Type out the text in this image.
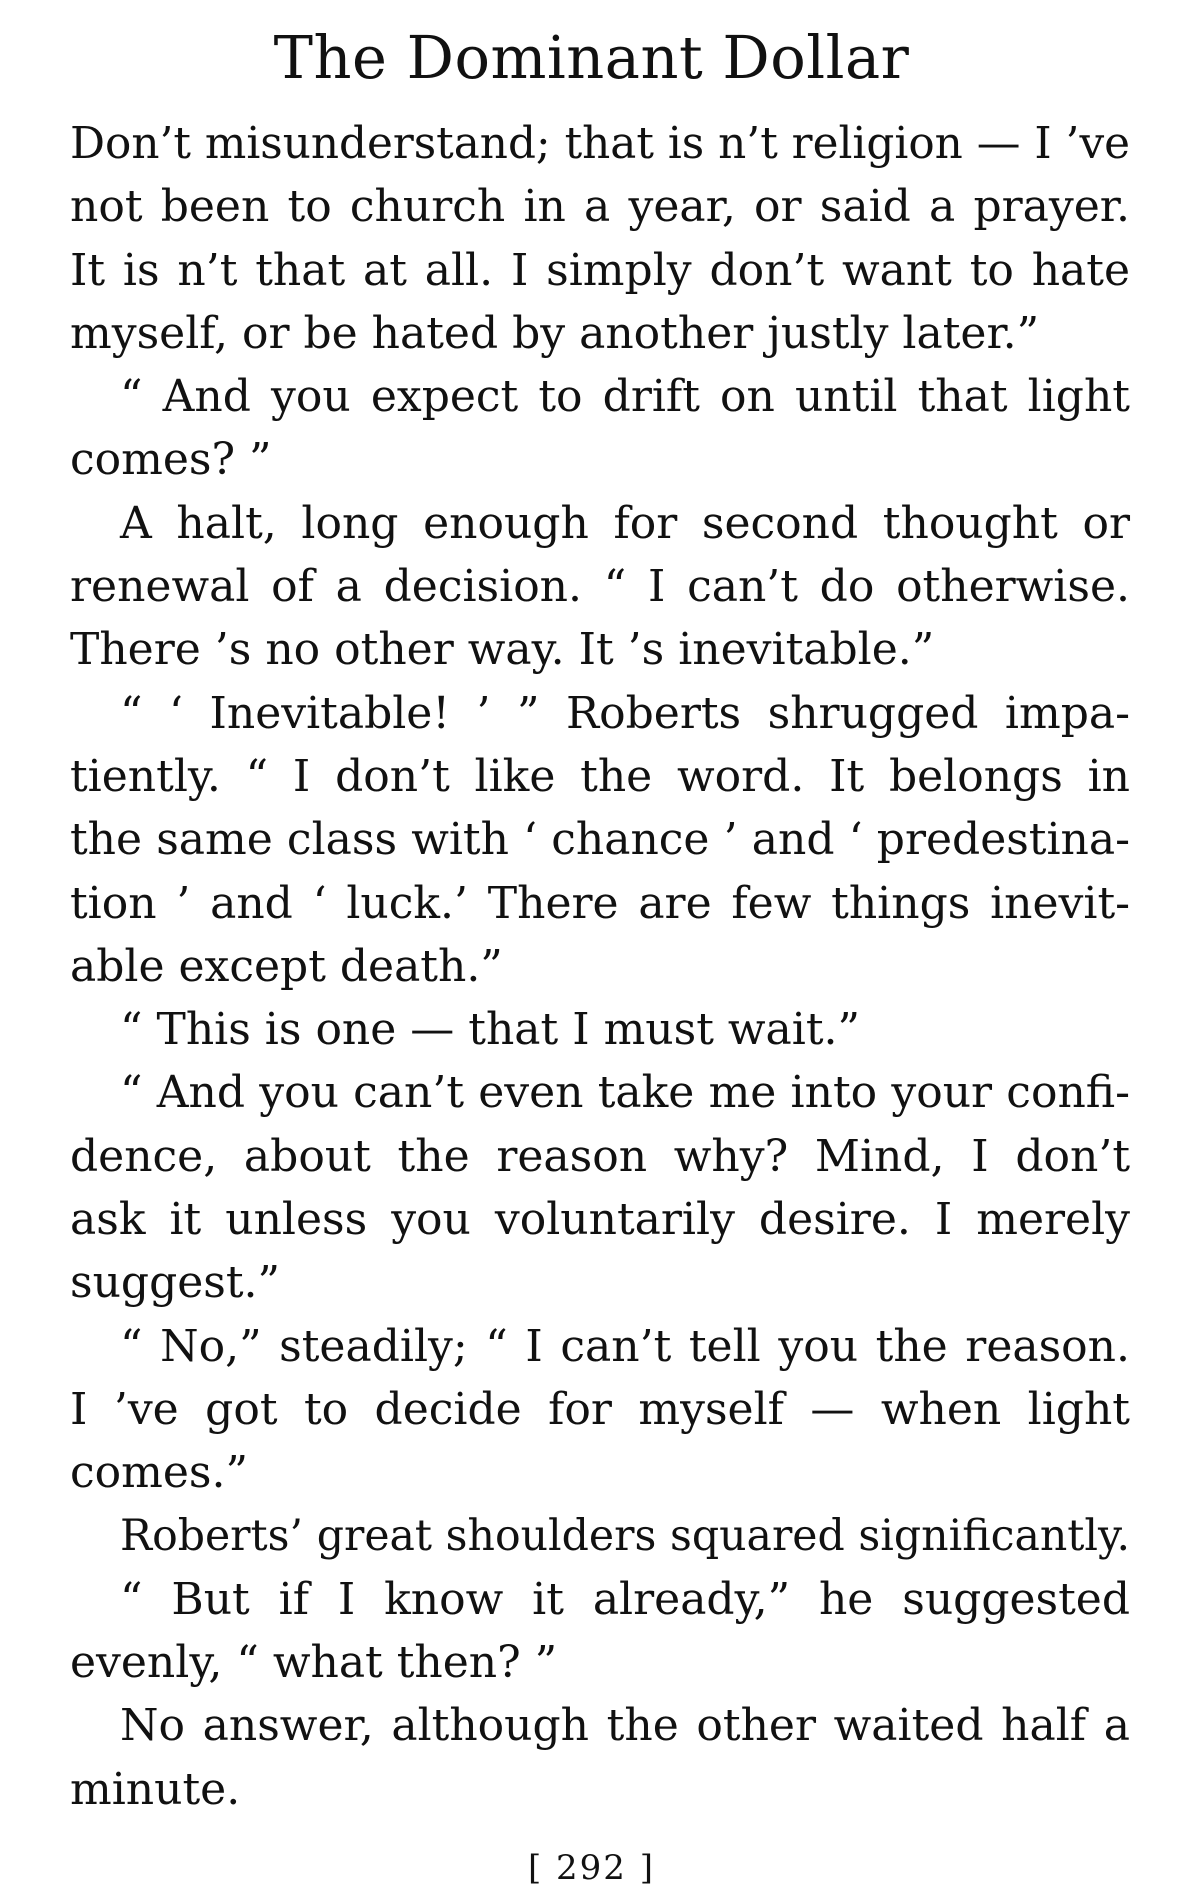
The Dominant Dollar
Don’t misunderstand; that is n’t religion — I ’ve
not been to church in a year, or said a prayer.
It is n’t that at all. I simply don’t want to hate
myself, or be hated by another justly later.”
“ And you expect to drift on until that light
comes? ”
A halt, long enough for second thought or
renewal of a decision. “ I can’t do otherwise.
There ’s no other way. It ’s inevitable.”
“ ‘ Inevitable! ’ ” Roberts shrugged impa-
tiently. “ I don’t like the word. It belongs in
the same class with ‘ chance ’ and ‘ predestina-
tion ’ and ‘ luck.’ There are few things inevit-
able except death.”
“ This is one — that I must wait.”
“ And you can’t even take me into your confi-
dence, about the reason why? Mind, I don’t
ask it unless you voluntarily desire. I merely
suggest.”
“ No,” steadily; “ I can’t tell you the reason.
I ’ve got to decide for myself — when light
comes.”
Roberts’ great shoulders squared significantly.
“ But if I know it already,” he suggested
evenly, “ what then? ”
No answer, although the other waited half a
minute.
[ 292 ]
